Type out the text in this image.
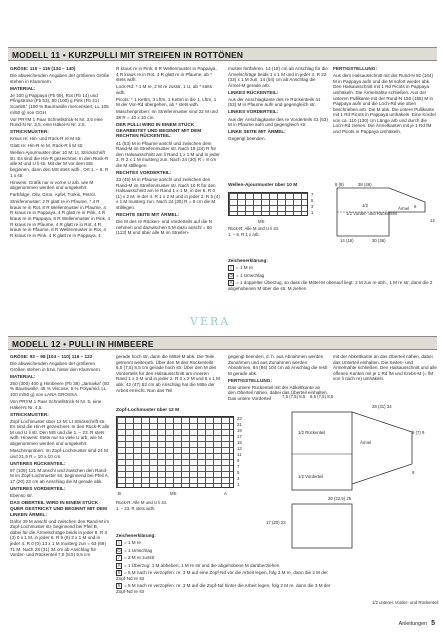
MODELL 11 • KURZPULLI MIT STREIFEN IN ROTTÖNEN

GRÖSE: 110 – 116 (134 – 140)

Die abweichenden Angaben der größeren Größe stehen in Klammern.

MATERIAL:

Je 100 g Pappaya (Fb 09), Rot (Fb 14) und Pfingstrose (Fb 53), 50 (100) g Pink (Fb 21) Scarlett° (100 % Baumwolle mercerisiert, LL 105 m/50 g) von GGH.

Vor PRYM 1 Paar Schnellstrick-N Nr. 3,5 eine Rund-N Nr. 3,5, eine Häkel-N Nr. 2,5.

STRICKMUSTER:

Krsus re: Hin- und Rück-R re M str.

Glatt re: Hin-R re M, Rück-R li M str.

Wellen-Ajourmuster über 10 M: Lt. Strickschrift str. Es sind die Hin-R gezeichnet. In den Rück-R alle M und U li str. Mit der M vor dem MS beginnen, dann den MS stets wdh., Ort 1. – 8. R 1 x str.

Hinweis: Grafik nur w vorne U arb. wie M abgenommen werden und umgekehrt.

Farbfolge: Oliv, Grün, Apfel, Türkis, Petrol.

Streifenmuster: 2 R glatt re in Pfaume, * 4 R kraus re in Rot, 8 R Wellenmuster in Pfaume, 4 R kraus re in Pappaya, 4 R glatt re in Pink, 4 R kraus re in Pappaya, 8 R Wellenmuster in Pink, 4 R kraus re in Pfaume, 4 R glatt re in Rot, 4 R kraus re in Pfaume, 8 R Wellenmuster in Rot, 4 R kraus re in Pink, 4 R glatt re in Pappaya, 4

R kraus re in Pink, 8 R Wellenmuster in Pappaya, 4 R kraus re in Rot, 4 R glatt re in Pfaume, ab * stets wdh.

Lock-Rd: * 1 M re, 2 M re zusstr, 1 U, ab * stets wdh.

Picots: * 1 Kettm, 3 Lftm, 1 Kettm in die 1. Lftm, 1 M der Vor-Rd übergehen, ab * stets wdh.

Maschenproben: Im Streifenmuster sind 22 M und 38 R = 10 x 10 cm.

DER PULLI WIRD IN EINEM STÜCK GEARBEITET UND BEGINNT MIT DEM RECHTEN RÜCKENTEIL:

41 (53) M in Pfaume anschl und zwischen dem Rand-M im Streifenmuster str. Nach 18 (24) R für den Halsausschnitt am li Rand 1 x 1 M und in jeder 2. R 2 x 1 M musterg zun. Nach 24 (30) R = 8 cm die M stilllegen.

RECHTES VORDERTEIL:

33 (45) M in Pfaume anschl und zwischen den Rand-M im Streifenmuster str. Nach 10 R für den Halsausschnitt am re Rand 1 x 1 M, in der 6. R 0 (1) x 2 M, in der 4. R 1 x 2 M und in jeder 2. R 5 (4) x 1 M musterg zun. Nach 24 (30) R = 8 cm die M stilllegen.

RECHTE SEITE MIT ÄRMEL:

Die M des re Rücken- und Vorderteils auf die N nehmen und dazwischen 5 M dazu anschl = 80 (113) M und über alle M im Streifen-

muster fortfahren. 14 (18) cm ab Anschlag für die Ärmelschräge beids 1 x 1 M und in jeder 4. R 22 (33) x 1 M zun. 14 (54) cm ab Anschlag die Ärmel-M gerade arb.

LINKES RÜCKENTEIL:

Aus der Anschlagkante des re Rückenteils 41 (53) M in Pfaume aufn und gegengleich str.

LINKES VORDERTEIL:

Aus der Anschlagkante des re Vorderteils 43 (53) M in Pfaume aufn und gegengleich str.

LINKE SEITE MIT ÄRMEL:

Gegengl beenden.

FERTIGSTELLUNG:

Aus dem Halsausschnitt mit der Rund-N 92 (104) M in Pappaya aufn und die M sofort wieder abk. Den Halsausschnitt mit 1 Rd Picots in Pappaya umhäkeln. Die Ärmelnähte schließen. Aus der unteren Pullikante mit der Rund-N 150 (168) M in Pappaya aufn und die Loch-Rd wie oben beschrieben arb. Die M abk. Die untere Pullikante mit 1 Rd Picots in Pappaya umhäkeln. Eine Kordel von ca. 110 (130) cm Länge arb und durch die Loch-Rd ziehen. Die Ärmelkanten mit je 1 Rd fM und Picots in Pappaya umhäkeln.

Wellen-Ajourmuster über 10 M
7
5
3
1
MS
Rück-R: Alle M und U li str.
1. – 8. R 1 x arb.
Zeichenerklärung:
| = 1 M re
O = 1 Umschlag
Λ = 1 doppelter Überzug, so dass die Mittel-M obenauf liegt: 2 M zus re abh., 1 M re str, dann die 2 abgehobenen M über die str. M ziehen
1/2 Vorder- und Rückenteil
Ärmel
1/2
38 (46)
14 (16)	30 (36)
8 (8)
6
12
VERA
MODELL 12 • PULLI IN HIMBEERE

GRÖSE: 92 – 98 (104 – 110) 116 – 122

Die abweichenden Angaben der größeren Größen stehen in bzw. hinter den Klammern.

MATERIAL:

250 (300) 400 g Himbeere (Fb 38) „Jamaika“ (50 % Baumwolle, 45 % Viscose, 5 % Polyamid, LL 100 m/50 g) von LANA GROSSA.

Von PRYM 1 Paar Schnellstrick-N Nr. 5, eine Häkel-N Nr. 4,5.

STRICKMUSTER:

Zopf-Lochmuster über 12 M: Lt Strickschrift str. Es sind die Hin-R gezeichnet. In den Rück-R alle M und U li str. Den MS und die 1. – 23. R stets wdh. Hinweis: Stets nur so viele U arb, wie M abgenommen werden und umgekehrt.

Maschenproben: Im Zopf-Lochmuster sind 24 M und 21,5 R = 10 x 10 cm.

UNTERES RÜCKENTEIL:

97 (109) 121 M anschl und zwischen den Rand-M im Zopf-Lochmuster str, beginnend bei Pfeil A. 17 (20) 23 cm ab Anschlag die M gerade abk.

UNTERES VORDERTEIL:

Ebenso str.

DAS OBERTEIL WIRD IN EINEM STÜCK QUER GESTRICKT UND BEGINNT MIT DEM LINKEN ÄRMEL:

Dafür 39 M anschl und zwischen den Rand-M im Zopf-Lochmuster str, beginnend bei Pfeil B, dabei für die Ärmelschräge beids in jeder 8. R 3 (3) 0 x 1 M, in jeder 6. R 9 (9) 3 x 1 M und in jeder 4. R 0 (0) 13 x 1 M musterg zun = 63 (69) 71 M. Nach 28 (31) 34 cm ab Anschlag für Vorder- und Rückenteil 7,5 (8,5) 9,5 cm

gerade hoch str, dann die Mittel-M abk. Die Teile getrennt weiterarb. Über den M des Rückenteils 6,5 (7,5) 8,5 cm gerade hoch str. Über den M des Vorderteils für den Halsausschnitt am inneren Rand 1 x 3 M und in jeder 2. R 2 x 2 M und 5 x 1 M abk. 42 (47) 52 cm ab Anschlag hat die Mitte der Arbeit erreicht. Nun das Teil

gegengl beenden, d. h. aus Abnahmen werden Zunahmen und aus Zunahmen werden Abnahmen. 84 (94) 104 cm ab Anschlag die restl M gerade abk.

FERTIGSTELLUNG:

Das untere Rückenteil mit der Abkettkante an den Oberteil nähen, dabei das Überteil einhalten. Das untere Vorderteil

mit der Abkettkante an das Oberteil nähen, dabei das Unterteil einhalten. Die Seiten- und Ärmelnähte schließen. Den Halsausschnitt und alle offenen Kanten mit je 1 Rd fM und Krebs-M (= fM von li nach re) umhäkeln.

Zopf-Lochmuster über 12 M
23
21
19
17
15
13
11
9
7
5
3
1
MS
B	A
Rück-R: Alle M und U li str.
1. – 23. R stets wdh.
Zeichenerklärung:
| = 1 M re
O = 1 Umschlag
/ = 2 M re zusstr
Λ = 1 Überzug: 1 M abheben, 1 M re str und die abgehobene M darüberziehen
X = 5 M nach re verzopfen: re: 3 M auf eine Zopf-Nd vor die Arbeit legen, folg 3 M re, dann die 2 M der Zopf-Nd re str
X = 5 M nach re verzopfen: re: 3 M auf die Zopf-Nd hinter die Arbeit legen, folg 2 M re, dann die 3 M der Zopf-Nd re str
1/2 Rückenteil
Ärmel
1/2 Vorderteil
1/2 unteres Vorder- und Rückenteil
7,5 (7,5) 8,5 6,5 (7,5) 8,5
28 (31) 34
20 (22,5) 25
17 (20) 23
5 (7) 9
9
Anleitungen 5
